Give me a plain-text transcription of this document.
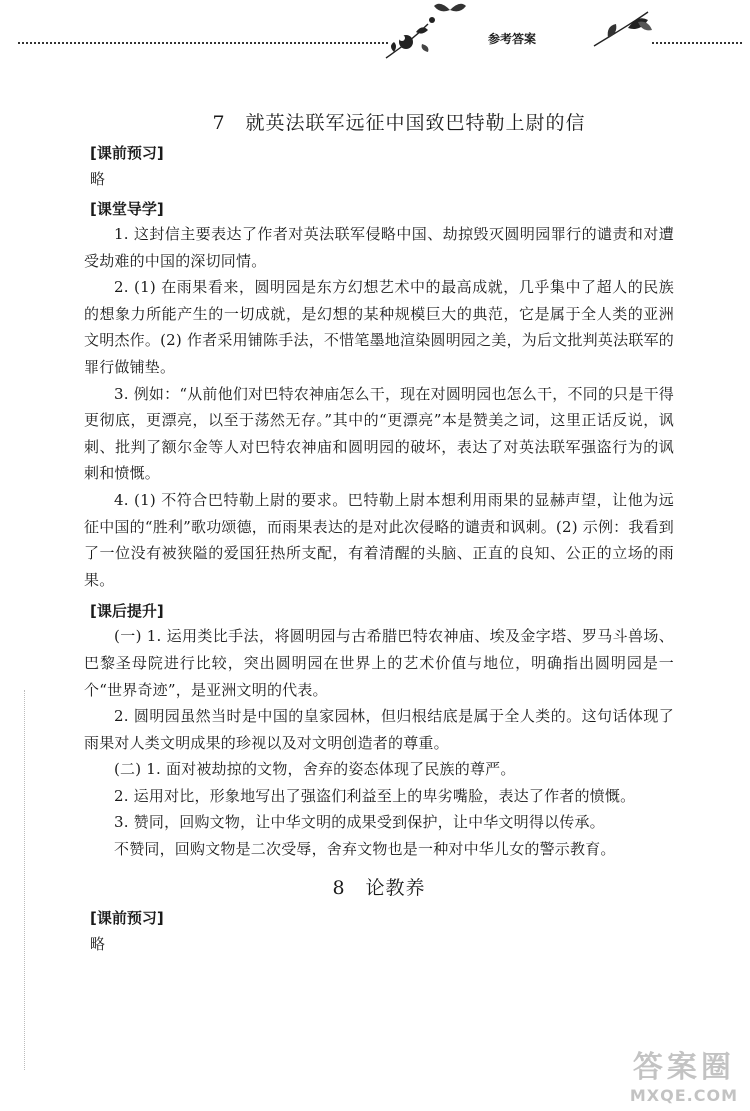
参考答案
7　就英法联军远征中国致巴特勒上尉的信
[课前预习]
略
[课堂导学]

1. 这封信主要表达了作者对英法联军侵略中国、劫掠毁灭圆明园罪行的谴责和对遭受劫难的中国的深切同情。

2. (1) 在雨果看来，圆明园是东方幻想艺术中的最高成就，几乎集中了超人的民族的想象力所能产生的一切成就，是幻想的某种规模巨大的典范，它是属于全人类的亚洲文明杰作。(2) 作者采用铺陈手法，不惜笔墨地渲染圆明园之美，为后文批判英法联军的罪行做铺垫。

3. 例如：“从前他们对巴特农神庙怎么干，现在对圆明园也怎么干，不同的只是干得更彻底，更漂亮，以至于荡然无存。”其中的“更漂亮”本是赞美之词，这里正话反说，讽刺、批判了额尔金等人对巴特农神庙和圆明园的破坏，表达了对英法联军强盗行为的讽刺和愤慨。

4. (1) 不符合巴特勒上尉的要求。巴特勒上尉本想利用雨果的显赫声望，让他为远征中国的“胜利”歌功颂德，而雨果表达的是对此次侵略的谴责和讽刺。(2) 示例：我看到了一位没有被狭隘的爱国狂热所支配，有着清醒的头脑、正直的良知、公正的立场的雨果。

[课后提升]

(一) 1. 运用类比手法，将圆明园与古希腊巴特农神庙、埃及金字塔、罗马斗兽场、巴黎圣母院进行比较，突出圆明园在世界上的艺术价值与地位，明确指出圆明园是一个“世界奇迹”，是亚洲文明的代表。

2. 圆明园虽然当时是中国的皇家园林，但归根结底是属于全人类的。这句话体现了雨果对人类文明成果的珍视以及对文明创造者的尊重。

(二) 1. 面对被劫掠的文物，舍弃的姿态体现了民族的尊严。

2. 运用对比，形象地写出了强盗们利益至上的卑劣嘴脸，表达了作者的愤慨。

3. 赞同，回购文物，让中华文明的成果受到保护，让中华文明得以传承。

不赞同，回购文物是二次受辱，舍弃文物也是一种对中华儿女的警示教育。

8　论教养
[课前预习]
略
答案圈
MXQE.COM
